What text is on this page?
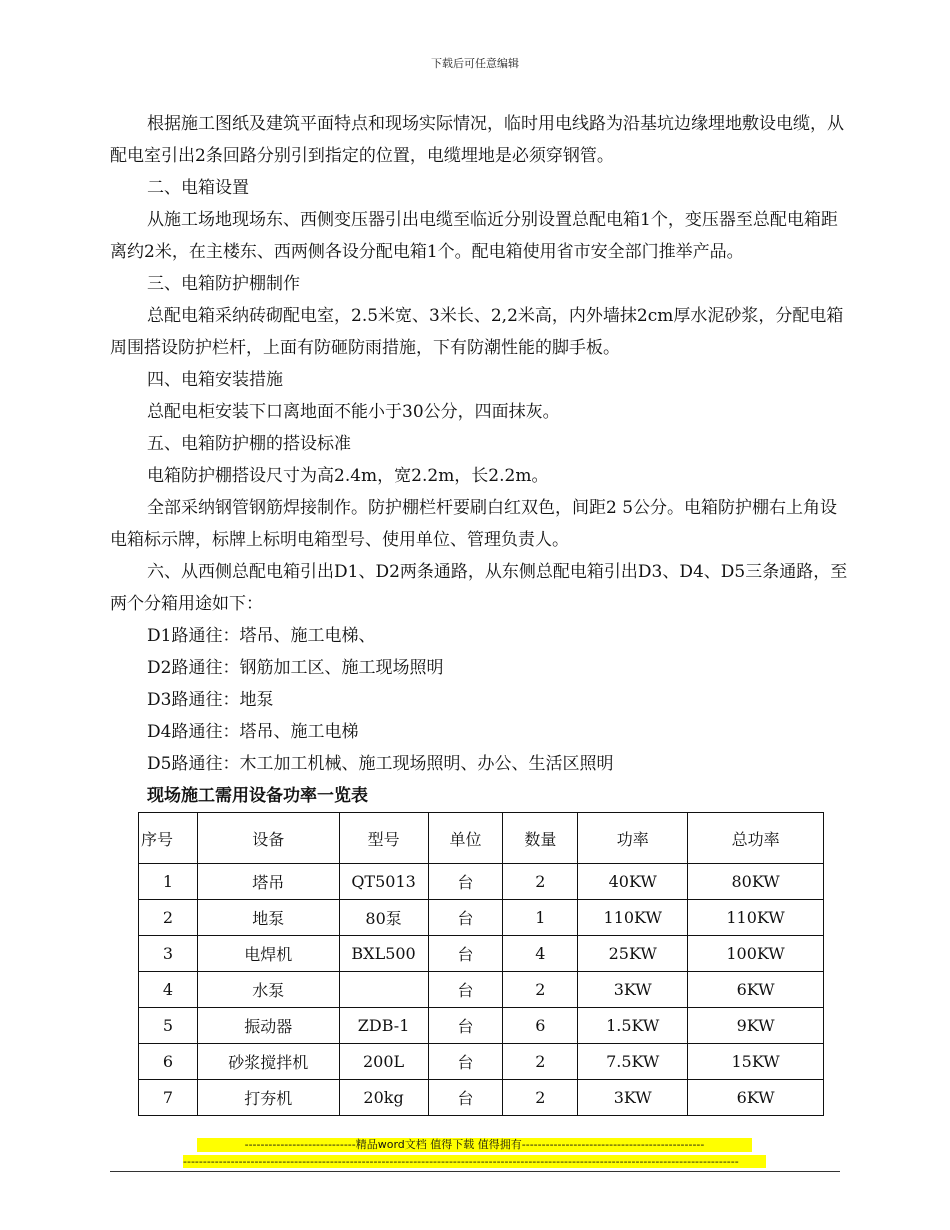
下载后可任意编辑

根据施工图纸及建筑平面特点和现场实际情况，临时用电线路为沿基坑边缘埋地敷设电缆，从配电室引出2条回路分别引到指定的位置，电缆埋地是必须穿钢管。

二、电箱设置

从施工场地现场东、西侧变压器引出电缆至临近分别设置总配电箱1个，变压器至总配电箱距离约2米，在主楼东、西两侧各设分配电箱1个。配电箱使用省市安全部门推举产品。

三、电箱防护棚制作

总配电箱采纳砖砌配电室，2.5米宽、3米长、2,2米高，内外墙抹2cm厚水泥砂浆，分配电箱周围搭设防护栏杆，上面有防砸防雨措施，下有防潮性能的脚手板。

四、电箱安装措施

总配电柜安装下口离地面不能小于30公分，四面抹灰。

五、电箱防护棚的搭设标准

电箱防护棚搭设尺寸为高2.4m，宽2.2m，长2.2m。

全部采纳钢管钢筋焊接制作。防护棚栏杆要刷白红双色，间距2 5公分。电箱防护棚右上角设电箱标示牌，标牌上标明电箱型号、使用单位、管理负责人。

六、从西侧总配电箱引出D1、D2两条通路，从东侧总配电箱引出D3、D4、D5三条通路，至两个分箱用途如下：

D1路通往：塔吊、施工电梯、

D2路通往：钢筋加工区、施工现场照明

D3路通往：地泵

D4路通往：塔吊、施工电梯

D5路通往：木工加工机械、施工现场照明、办公、生活区照明

现场施工需用设备功率一览表
序号	设备	型号	单位	数量	功率	总功率
1	塔吊	QT5013	台	2	40KW	80KW
2	地泵	80泵	台	1	110KW	110KW
3	电焊机	BXL500	台	4	25KW	100KW
4	水泵		台	2	3KW	6KW
5	振动器	ZDB-1	台	6	1.5KW	9KW
6	砂浆搅拌机	200L	台	2	7.5KW	15KW
7	打夯机	20kg	台	2	3KW	6KW
----------------------------精品word文档 值得下载 值得拥有----------------------------------------------
--------------------------------------------------------------------------------------------------------------------------------------------
